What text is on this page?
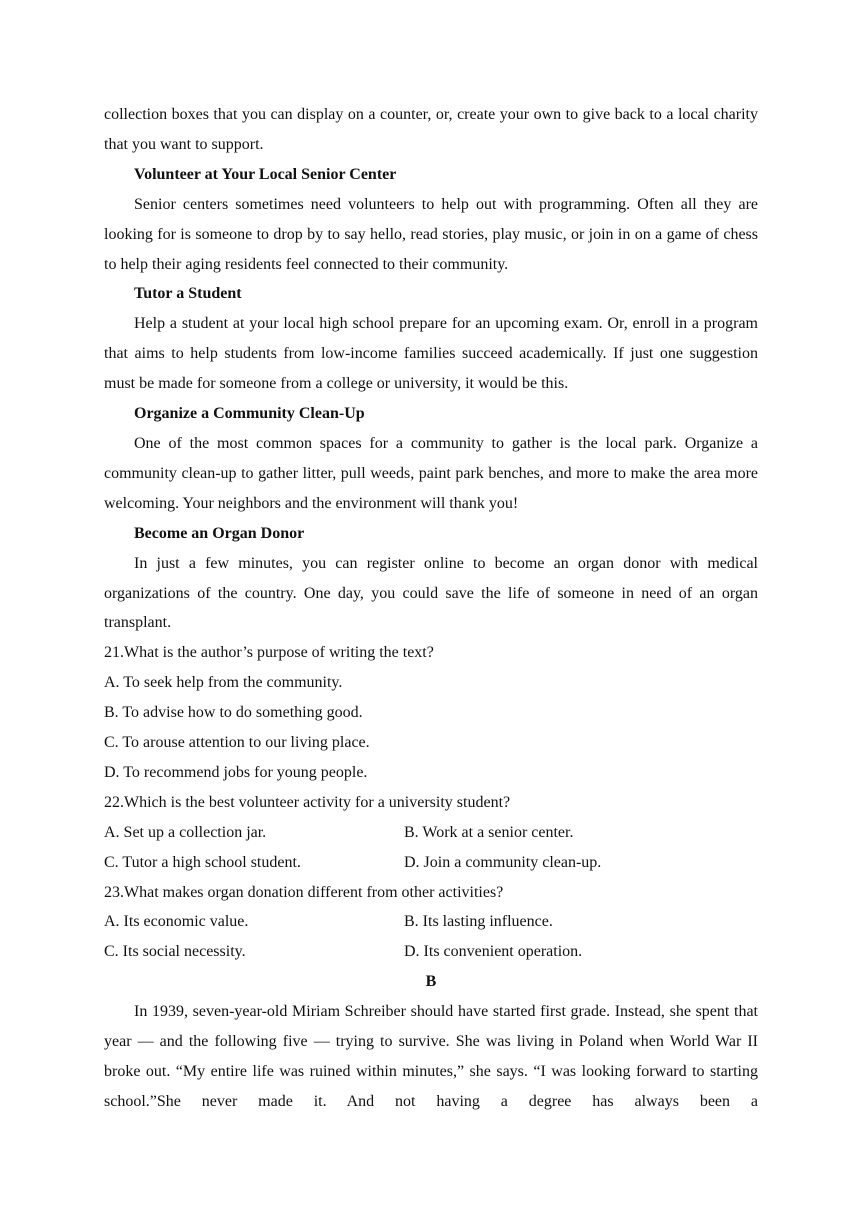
collection boxes that you can display on a counter, or, create your own to give back to a local charity that you want to support.

Volunteer at Your Local Senior Center

Senior centers sometimes need volunteers to help out with programming. Often all they are looking for is someone to drop by to say hello, read stories, play music, or join in on a game of chess to help their aging residents feel connected to their community.

Tutor a Student

Help a student at your local high school prepare for an upcoming exam. Or, enroll in a program that aims to help students from low-income families succeed academically. If just one suggestion must be made for someone from a college or university, it would be this.

Organize a Community Clean-Up

One of the most common spaces for a community to gather is the local park. Organize a community clean-up to gather litter, pull weeds, paint park benches, and more to make the area more welcoming. Your neighbors and the environment will thank you!

Become an Organ Donor

In just a few minutes, you can register online to become an organ donor with medical organizations of the country. One day, you could save the life of someone in need of an organ transplant.

21.What is the author’s purpose of writing the text?

A. To seek help from the community.

B. To advise how to do something good.

C. To arouse attention to our living place.

D. To recommend jobs for young people.

22.Which is the best volunteer activity for a university student?

A. Set up a collection jar.	B. Work at a senior center.
C. Tutor a high school student.	D. Join a community clean-up.

23.What makes organ donation different from other activities?

A. Its economic value.	B. Its lasting influence.
C. Its social necessity.	D. Its convenient operation.

B

In 1939, seven-year-old Miriam Schreiber should have started first grade. Instead, she spent that year — and the following five — trying to survive. She was living in Poland when World War II broke out. “My entire life was ruined within minutes,” she says. “I was looking forward to starting school.”She never made it. And not having a degree has always been a
